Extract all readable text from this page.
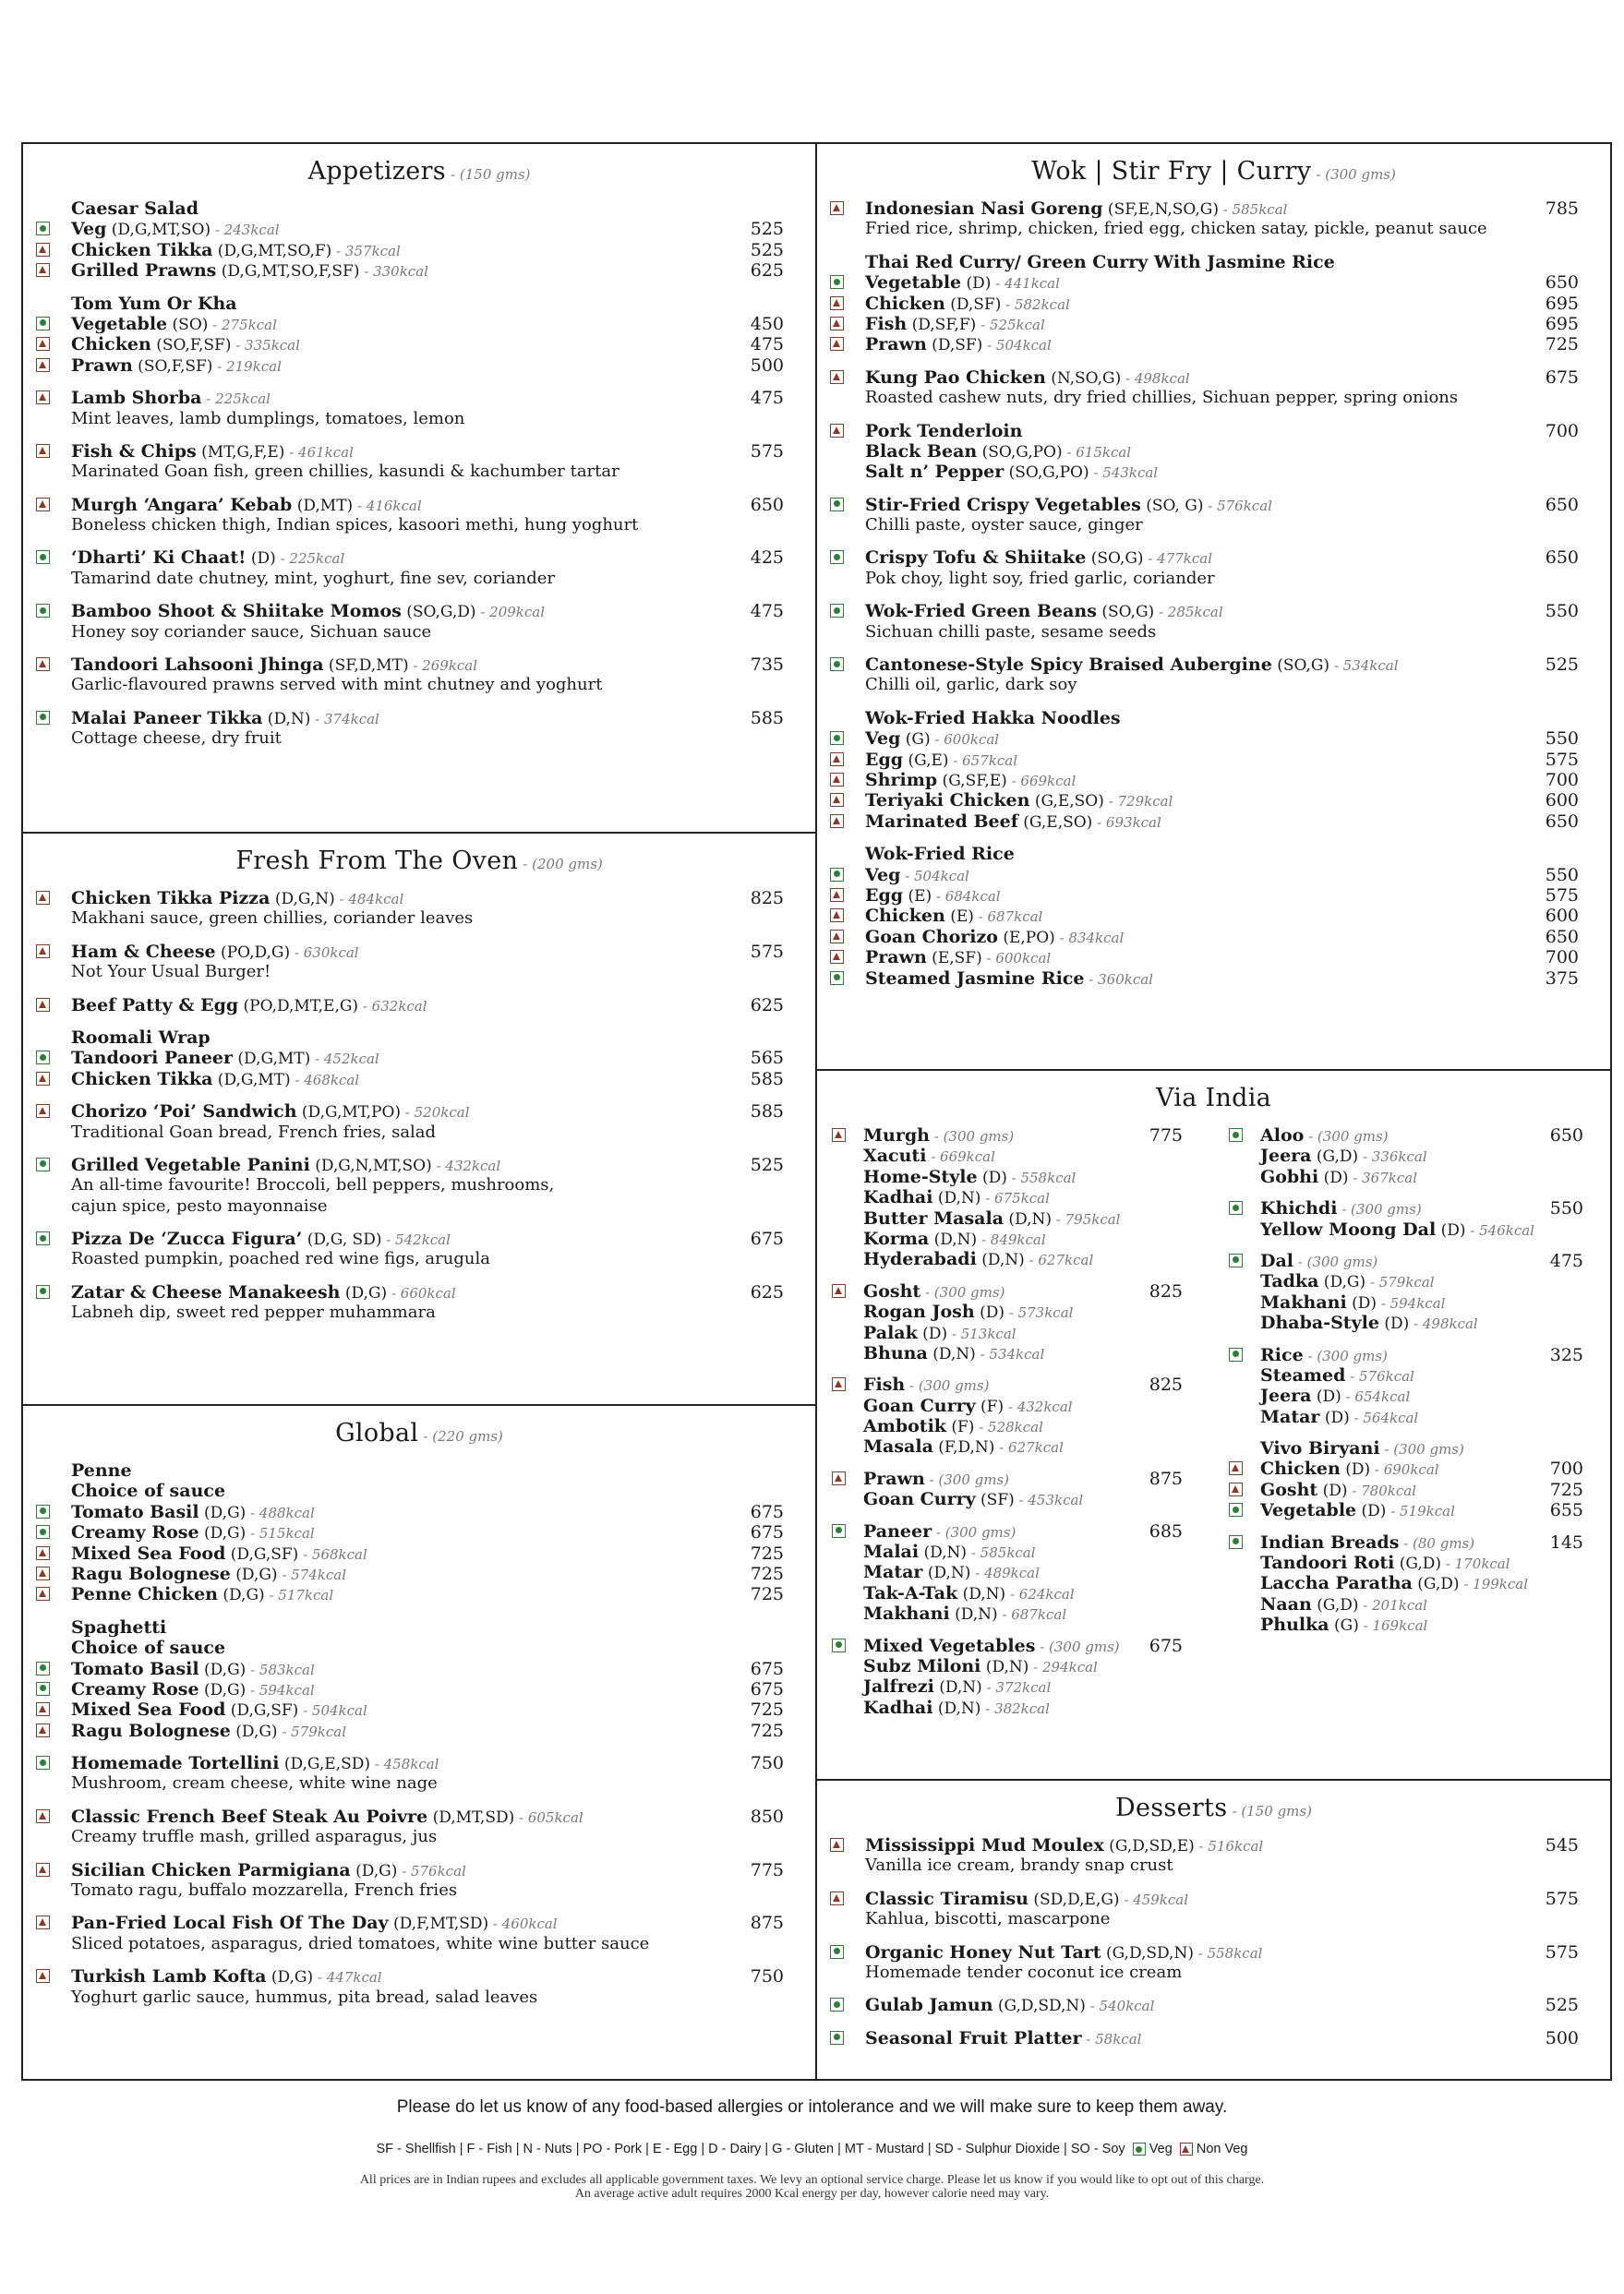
Appetizers - (150 gms)
Caesar Salad
Veg (D,G,MT,SO) - 243kcal	525
Chicken Tikka (D,G,MT,SO,F) - 357kcal	525
Grilled Prawns (D,G,MT,SO,F,SF) - 330kcal	625
Tom Yum Or Kha
Vegetable (SO) - 275kcal	450
Chicken (SO,F,SF) - 335kcal	475
Prawn (SO,F,SF) - 219kcal	500
Lamb Shorba - 225kcal	475
Mint leaves, lamb dumplings, tomatoes, lemon
Fish & Chips (MT,G,F,E) - 461kcal	575
Marinated Goan fish, green chillies, kasundi & kachumber tartar
Murgh ‘Angara’ Kebab (D,MT) - 416kcal	650
Boneless chicken thigh, Indian spices, kasoori methi, hung yoghurt
‘Dharti’ Ki Chaat! (D) - 225kcal	425
Tamarind date chutney, mint, yoghurt, fine sev, coriander
Bamboo Shoot & Shiitake Momos (SO,G,D) - 209kcal	475
Honey soy coriander sauce, Sichuan sauce
Tandoori Lahsooni Jhinga (SF,D,MT) - 269kcal	735
Garlic-flavoured prawns served with mint chutney and yoghurt
Malai Paneer Tikka (D,N) - 374kcal	585
Cottage cheese, dry fruit
Fresh From The Oven - (200 gms)
Chicken Tikka Pizza (D,G,N) - 484kcal	825
Makhani sauce, green chillies, coriander leaves
Ham & Cheese (PO,D,G) - 630kcal	575
Not Your Usual Burger!
Beef Patty & Egg (PO,D,MT,E,G) - 632kcal	625
Roomali Wrap
Tandoori Paneer (D,G,MT) - 452kcal	565
Chicken Tikka (D,G,MT) - 468kcal	585
Chorizo ‘Poi’ Sandwich (D,G,MT,PO) - 520kcal	585
Traditional Goan bread, French fries, salad
Grilled Vegetable Panini (D,G,N,MT,SO) - 432kcal	525
An all-time favourite! Broccoli, bell peppers, mushrooms,
cajun spice, pesto mayonnaise
Pizza De ‘Zucca Figura’ (D,G, SD) - 542kcal	675
Roasted pumpkin, poached red wine figs, arugula
Zatar & Cheese Manakeesh (D,G) - 660kcal	625
Labneh dip, sweet red pepper muhammara
Global - (220 gms)
Penne
Choice of sauce
Tomato Basil (D,G) - 488kcal	675
Creamy Rose (D,G) - 515kcal	675
Mixed Sea Food (D,G,SF) - 568kcal	725
Ragu Bolognese (D,G) - 574kcal	725
Penne Chicken (D,G) - 517kcal	725
Spaghetti
Choice of sauce
Tomato Basil (D,G) - 583kcal	675
Creamy Rose (D,G) - 594kcal	675
Mixed Sea Food (D,G,SF) - 504kcal	725
Ragu Bolognese (D,G) - 579kcal	725
Homemade Tortellini (D,G,E,SD) - 458kcal	750
Mushroom, cream cheese, white wine nage
Classic French Beef Steak Au Poivre (D,MT,SD) - 605kcal	850
Creamy truffle mash, grilled asparagus, jus
Sicilian Chicken Parmigiana (D,G) - 576kcal	775
Tomato ragu, buffalo mozzarella, French fries
Pan-Fried Local Fish Of The Day (D,F,MT,SD) - 460kcal	875
Sliced potatoes, asparagus, dried tomatoes, white wine butter sauce
Turkish Lamb Kofta (D,G) - 447kcal	750
Yoghurt garlic sauce, hummus, pita bread, salad leaves
Wok | Stir Fry | Curry - (300 gms)
Indonesian Nasi Goreng (SF,E,N,SO,G) - 585kcal	785
Fried rice, shrimp, chicken, fried egg, chicken satay, pickle, peanut sauce
Thai Red Curry/ Green Curry With Jasmine Rice
Vegetable (D) - 441kcal	650
Chicken (D,SF) - 582kcal	695
Fish (D,SF,F) - 525kcal	695
Prawn (D,SF) - 504kcal	725
Kung Pao Chicken (N,SO,G) - 498kcal	675
Roasted cashew nuts, dry fried chillies, Sichuan pepper, spring onions
Pork Tenderloin	700
Black Bean (SO,G,PO) - 615kcal
Salt n’ Pepper (SO,G,PO) - 543kcal
Stir-Fried Crispy Vegetables (SO, G) - 576kcal	650
Chilli paste, oyster sauce, ginger
Crispy Tofu & Shiitake (SO,G) - 477kcal	650
Pok choy, light soy, fried garlic, coriander
Wok-Fried Green Beans (SO,G) - 285kcal	550
Sichuan chilli paste, sesame seeds
Cantonese-Style Spicy Braised Aubergine (SO,G) - 534kcal	525
Chilli oil, garlic, dark soy
Wok-Fried Hakka Noodles
Veg (G) - 600kcal	550
Egg (G,E) - 657kcal	575
Shrimp (G,SF,E) - 669kcal	700
Teriyaki Chicken (G,E,SO) - 729kcal	600
Marinated Beef (G,E,SO) - 693kcal	650
Wok-Fried Rice
Veg - 504kcal	550
Egg (E) - 684kcal	575
Chicken (E) - 687kcal	600
Goan Chorizo (E,PO) - 834kcal	650
Prawn (E,SF) - 600kcal	700
Steamed Jasmine Rice - 360kcal	375
Via India
Murgh - (300 gms)	775
Xacuti - 669kcal
Home-Style (D) - 558kcal
Kadhai (D,N) - 675kcal
Butter Masala (D,N) - 795kcal
Korma (D,N) - 849kcal
Hyderabadi (D,N) - 627kcal
Gosht - (300 gms)	825
Rogan Josh (D) - 573kcal
Palak (D) - 513kcal
Bhuna (D,N) - 534kcal
Fish - (300 gms)	825
Goan Curry (F) - 432kcal
Ambotik (F) - 528kcal
Masala (F,D,N) - 627kcal
Prawn - (300 gms)	875
Goan Curry (SF) - 453kcal
Paneer - (300 gms)	685
Malai (D,N) - 585kcal
Matar (D,N) - 489kcal
Tak-A-Tak (D,N) - 624kcal
Makhani (D,N) - 687kcal
Mixed Vegetables - (300 gms) 675
Subz Miloni (D,N) - 294kcal
Jalfrezi (D,N) - 372kcal
Kadhai (D,N) - 382kcal
Aloo - (300 gms)	650
Jeera (G,D) - 336kcal
Gobhi (D) - 367kcal
Khichdi - (300 gms)	550
Yellow Moong Dal (D) - 546kcal
Dal - (300 gms)	475
Tadka (D,G) - 579kcal
Makhani (D) - 594kcal
Dhaba-Style (D) - 498kcal
Rice - (300 gms)	325
Steamed - 576kcal
Jeera (D) - 654kcal
Matar (D) - 564kcal
Vivo Biryani - (300 gms)
Chicken (D) - 690kcal	700
Gosht (D) - 780kcal	725
Vegetable (D) - 519kcal	655
Indian Breads - (80 gms)	145
Tandoori Roti (G,D) - 170kcal
Laccha Paratha (G,D) - 199kcal
Naan (G,D) - 201kcal
Phulka (G) - 169kcal
Desserts - (150 gms)
Mississippi Mud Moulex (G,D,SD,E) - 516kcal	545
Vanilla ice cream, brandy snap crust
Classic Tiramisu (SD,D,E,G) - 459kcal	575
Kahlua, biscotti, mascarpone
Organic Honey Nut Tart (G,D,SD,N) - 558kcal	575
Homemade tender coconut ice cream
Gulab Jamun (G,D,SD,N) - 540kcal	525
Seasonal Fruit Platter - 58kcal	500
Please do let us know of any food-based allergies or intolerance and we will make sure to keep them away.
SF - Shellfish | F - Fish | N - Nuts | PO - Pork | E - Egg | D - Dairy | G - Gluten | MT - Mustard | SD - Sulphur Dioxide | SO - Soy Veg Non Veg
All prices are in Indian rupees and excludes all applicable government taxes. We levy an optional service charge. Please let us know if you would like to opt out of this charge.
An average active adult requires 2000 Kcal energy per day, however calorie need may vary.
